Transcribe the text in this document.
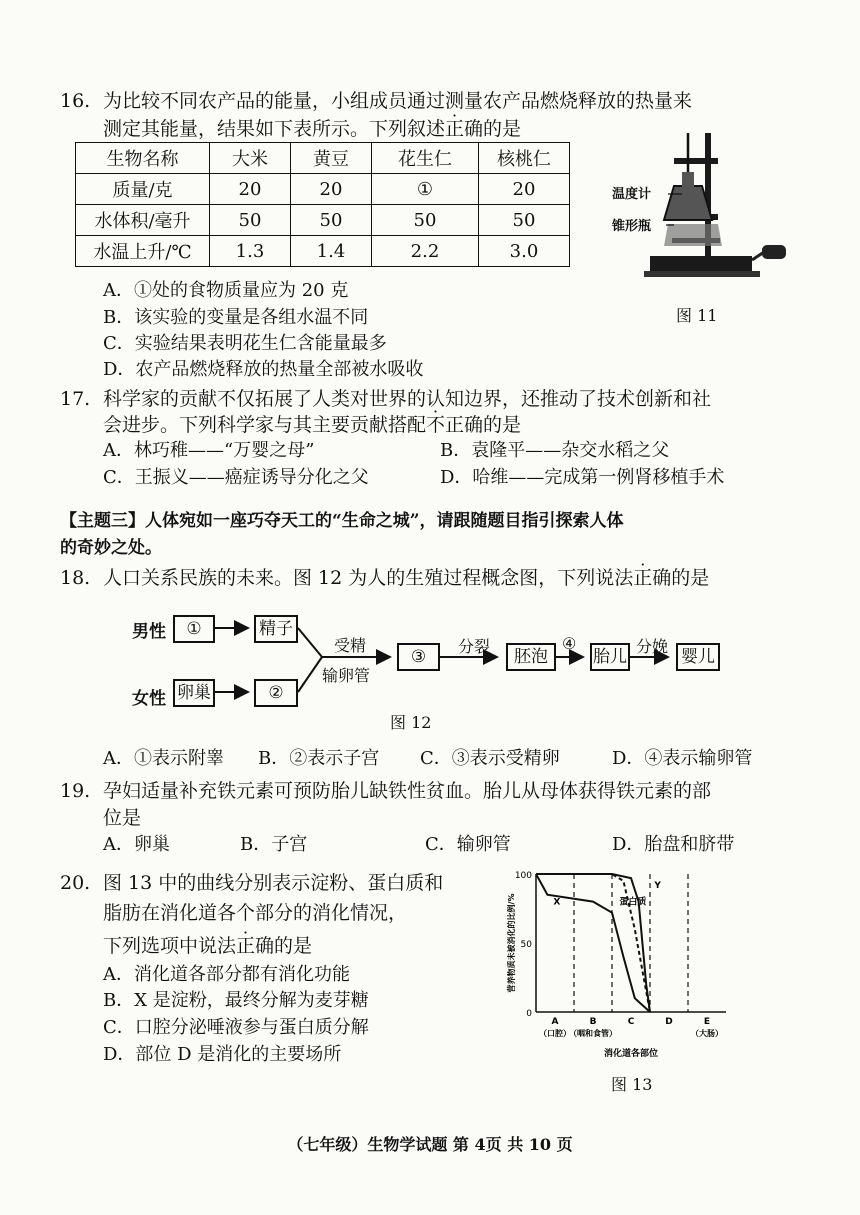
16. 为比较不同农产品的能量，小组成员通过测量农产品燃烧释放的热量来
测定其能量，结果如下表所示。下列叙述正确的是
生物名称	大米	黄豆	花生仁	核桃仁
质量/克	20	20	①	20
水体积/毫升	50	50	50	50
水温上升/℃	1.3	1.4	2.2	3.0
A．①处的食物质量应为 20 克
B．该实验的变量是各组水温不同
C．实验结果表明花生仁含能量最多
D．农产品燃烧释放的热量全部被水吸收
温度计
锥形瓶
图 11
17. 科学家的贡献不仅拓展了人类对世界的认知边界，还推动了技术创新和社
会进步。下列科学家与其主要贡献搭配不正确的是
A．林巧稚——“万婴之母”	B．袁隆平——杂交水稻之父
C．王振义——癌症诱导分化之父	D．哈维——完成第一例肾移植手术
【主题三】人体宛如一座巧夺天工的“生命之城”，请跟随题目指引探索人体
的奇妙之处。
18. 人口关系民族的未来。图 12 为人的生殖过程概念图，下列说法正确的是
男性
女性
①	精子
卵巢	②
受精
输卵管
③
分裂
胚泡
④
胎儿
分娩
婴儿
图 12
A．①表示附睾 B．②表示子宫 C．③表示受精卵	D．④表示输卵管
19. 孕妇适量补充铁元素可预防胎儿缺铁性贫血。胎儿从母体获得铁元素的部
位是
A．卵巢	B．子宫	C．输卵管	D．胎盘和脐带
20. 图 13 中的曲线分别表示淀粉、蛋白质和
脂肪在消化道各个部分的消化情况，
下列选项中说法正确的是
A．消化道各部分都有消化功能
B．X 是淀粉，最终分解为麦芽糖
C．口腔分泌唾液参与蛋白质分解
D．部位 D 是消化的主要场所
100
50
0
A
（口腔）
B
（咽和食管）
C	D	E
（大肠）
消化道各部位
营养物质未被消化的比例/%	X	蛋白质
Y
图 13
（七年级）生物学试题 第 4页 共 10 页
